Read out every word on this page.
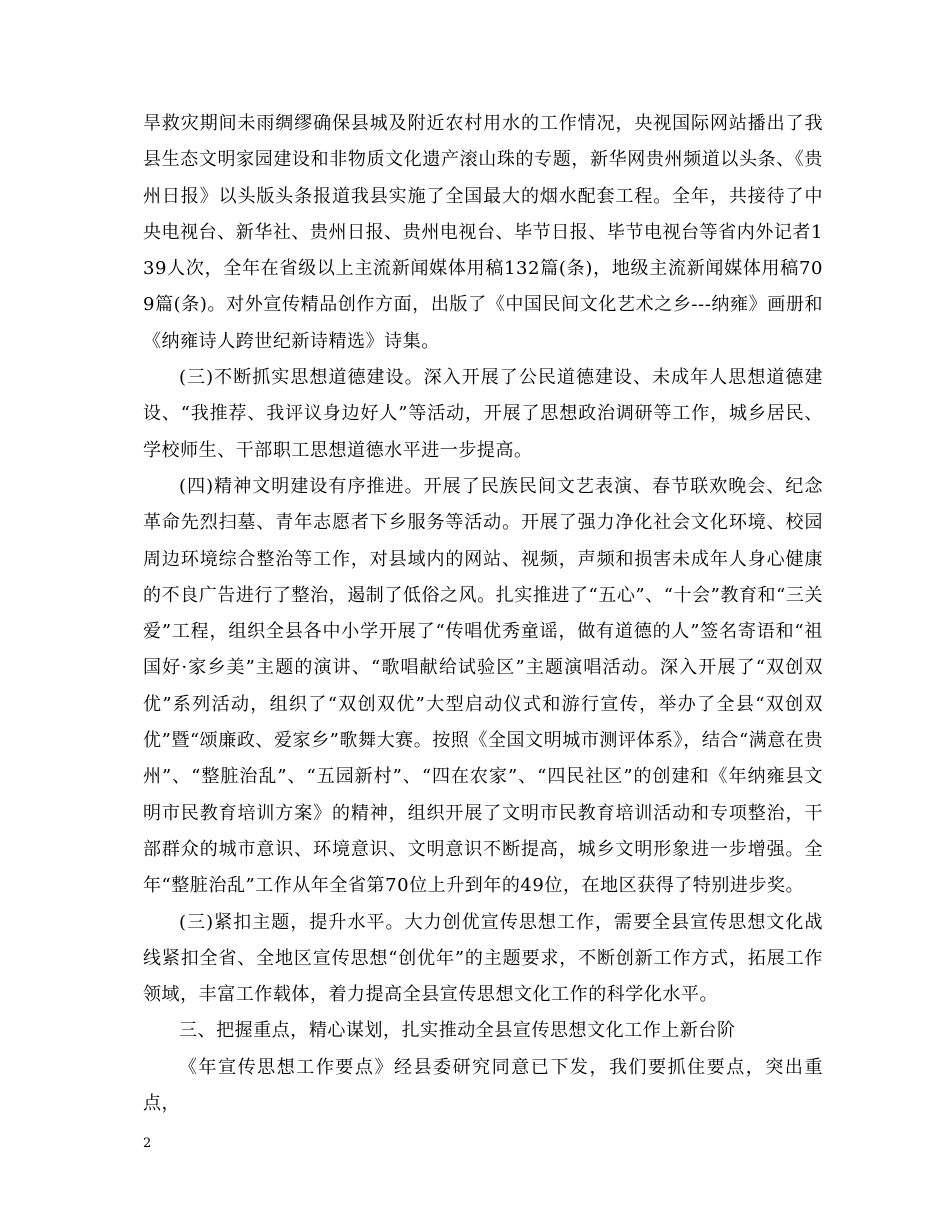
旱救灾期间未雨绸缪确保县城及附近农村用水的工作情况，央视国际网站播出了我县生态文明家园建设和非物质文化遗产滚山珠的专题，新华网贵州频道以头条、《贵州日报》以头版头条报道我县实施了全国最大的烟水配套工程。全年，共接待了中央电视台、新华社、贵州日报、贵州电视台、毕节日报、毕节电视台等省内外记者139人次，全年在省级以上主流新闻媒体用稿132篇(条)，地级主流新闻媒体用稿709篇(条)。对外宣传精品创作方面，出版了《中国民间文化艺术之乡---纳雍》画册和《纳雍诗人跨世纪新诗精选》诗集。

(三)不断抓实思想道德建设。深入开展了公民道德建设、未成年人思想道德建设、“我推荐、我评议身边好人”等活动，开展了思想政治调研等工作，城乡居民、学校师生、干部职工思想道德水平进一步提高。

(四)精神文明建设有序推进。开展了民族民间文艺表演、春节联欢晚会、纪念革命先烈扫墓、青年志愿者下乡服务等活动。开展了强力净化社会文化环境、校园周边环境综合整治等工作，对县域内的网站、视频，声频和损害未成年人身心健康的不良广告进行了整治，遏制了低俗之风。扎实推进了“五心”、“十会”教育和“三关爱”工程，组织全县各中小学开展了“传唱优秀童谣，做有道德的人”签名寄语和“祖国好·家乡美”主题的演讲、“歌唱献给试验区”主题演唱活动。深入开展了“双创双优”系列活动，组织了“双创双优”大型启动仪式和游行宣传，举办了全县“双创双优”暨“颂廉政、爱家乡”歌舞大赛。按照《全国文明城市测评体系》，结合“满意在贵州”、“整脏治乱”、“五园新村”、“四在农家”、“四民社区”的创建和《年纳雍县文明市民教育培训方案》的精神，组织开展了文明市民教育培训活动和专项整治，干部群众的城市意识、环境意识、文明意识不断提高，城乡文明形象进一步增强。全年“整脏治乱”工作从年全省第70位上升到年的49位，在地区获得了特别进步奖。

(三)紧扣主题，提升水平。大力创优宣传思想工作，需要全县宣传思想文化战线紧扣全省、全地区宣传思想“创优年”的主题要求，不断创新工作方式，拓展工作领域，丰富工作载体，着力提高全县宣传思想文化工作的科学化水平。

三、把握重点，精心谋划，扎实推动全县宣传思想文化工作上新台阶

《年宣传思想工作要点》经县委研究同意已下发，我们要抓住要点，突出重点，

2
